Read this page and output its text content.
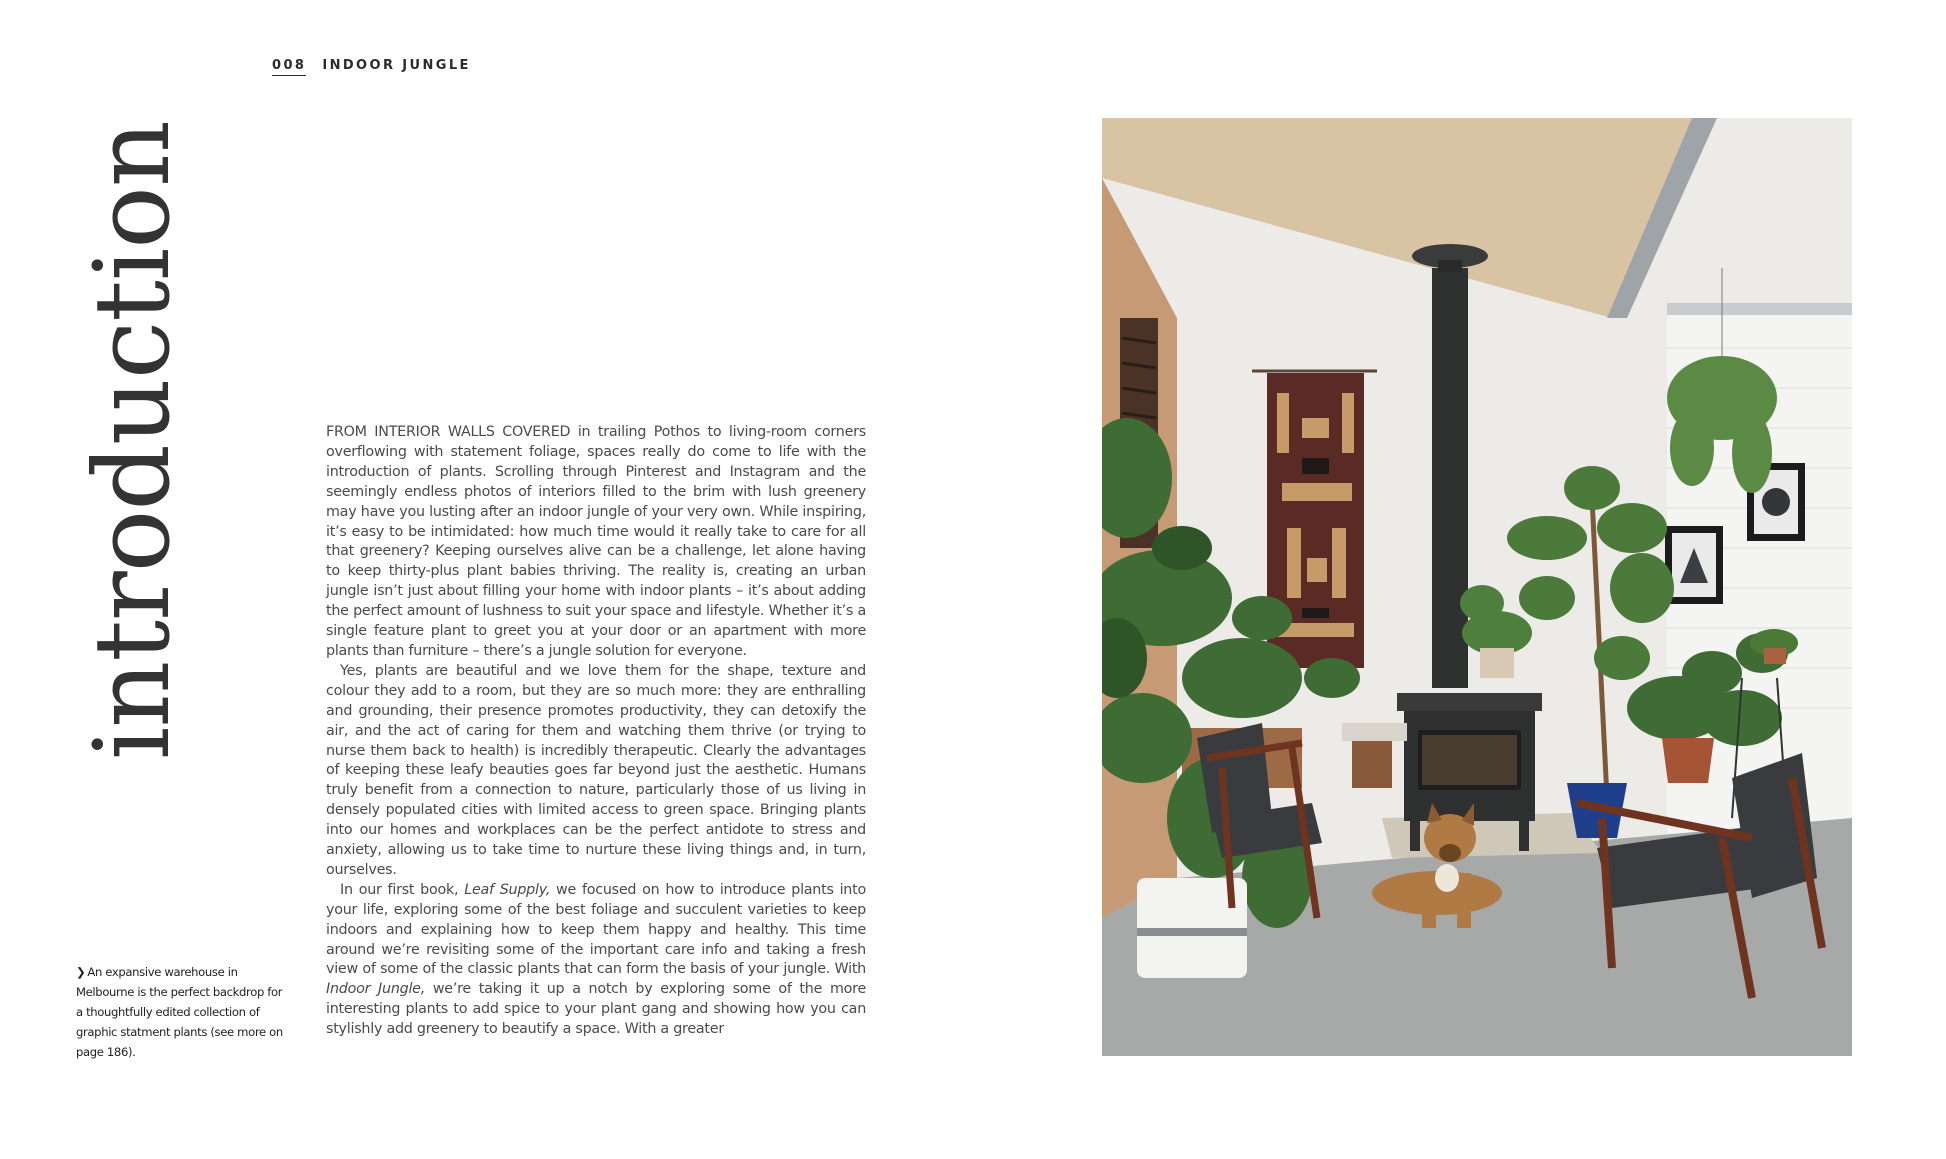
008 INDOOR JUNGLE
introduction	FROM INTERIOR WALLS COVERED in trailing Pothos to living-room corners overflowing with statement foliage, spaces really do come to life with the introduction of plants. Scrolling through Pinterest and Instagram and the seemingly endless photos of interiors filled to the brim with lush greenery may have you lusting after an indoor jungle of your very own. While inspiring, it’s easy to be intimidated: how much time would it really take to care for all that greenery? Keeping ourselves alive can be a challenge, let alone having to keep thirty-plus plant babies thriving. The reality is, creating an urban jungle isn’t just about filling your home with indoor plants – it’s about adding the perfect amount of lushness to suit your space and lifestyle. Whether it’s a single feature plant to greet you at your door or an apartment with more plants than furniture – there’s a jungle solution for everyone.

Yes, plants are beautiful and we love them for the shape, texture and colour they add to a room, but they are so much more: they are enthralling and grounding, their presence promotes productivity, they can detoxify the air, and the act of caring for them and watching them thrive (or trying to nurse them back to health) is incredibly therapeutic. Clearly the advantages of keeping these leafy beauties goes far beyond just the aesthetic. Humans truly benefit from a connection to nature, particularly those of us living in densely populated cities with limited access to green space. Bringing plants into our homes and workplaces can be the perfect antidote to stress and anxiety, allowing us to take time to nurture these living things and, in turn, ourselves.

In our first book, Leaf Supply, we focused on how to introduce plants into your life, exploring some of the best foliage and succulent varieties to keep indoors and explaining how to keep them happy and healthy. This time around we’re revisiting some of the important care info and taking a fresh view of some of the classic plants that can form the basis of your jungle. With Indoor Jungle, we’re taking it up a notch by exploring some of the more interesting plants to add spice to your plant gang and showing how you can stylishly add greenery to beautify a space. With a greater

❯ An expansive warehouse in Melbourne is the perfect backdrop for a thoughtfully edited collection of graphic statment plants (see more on page 186).
